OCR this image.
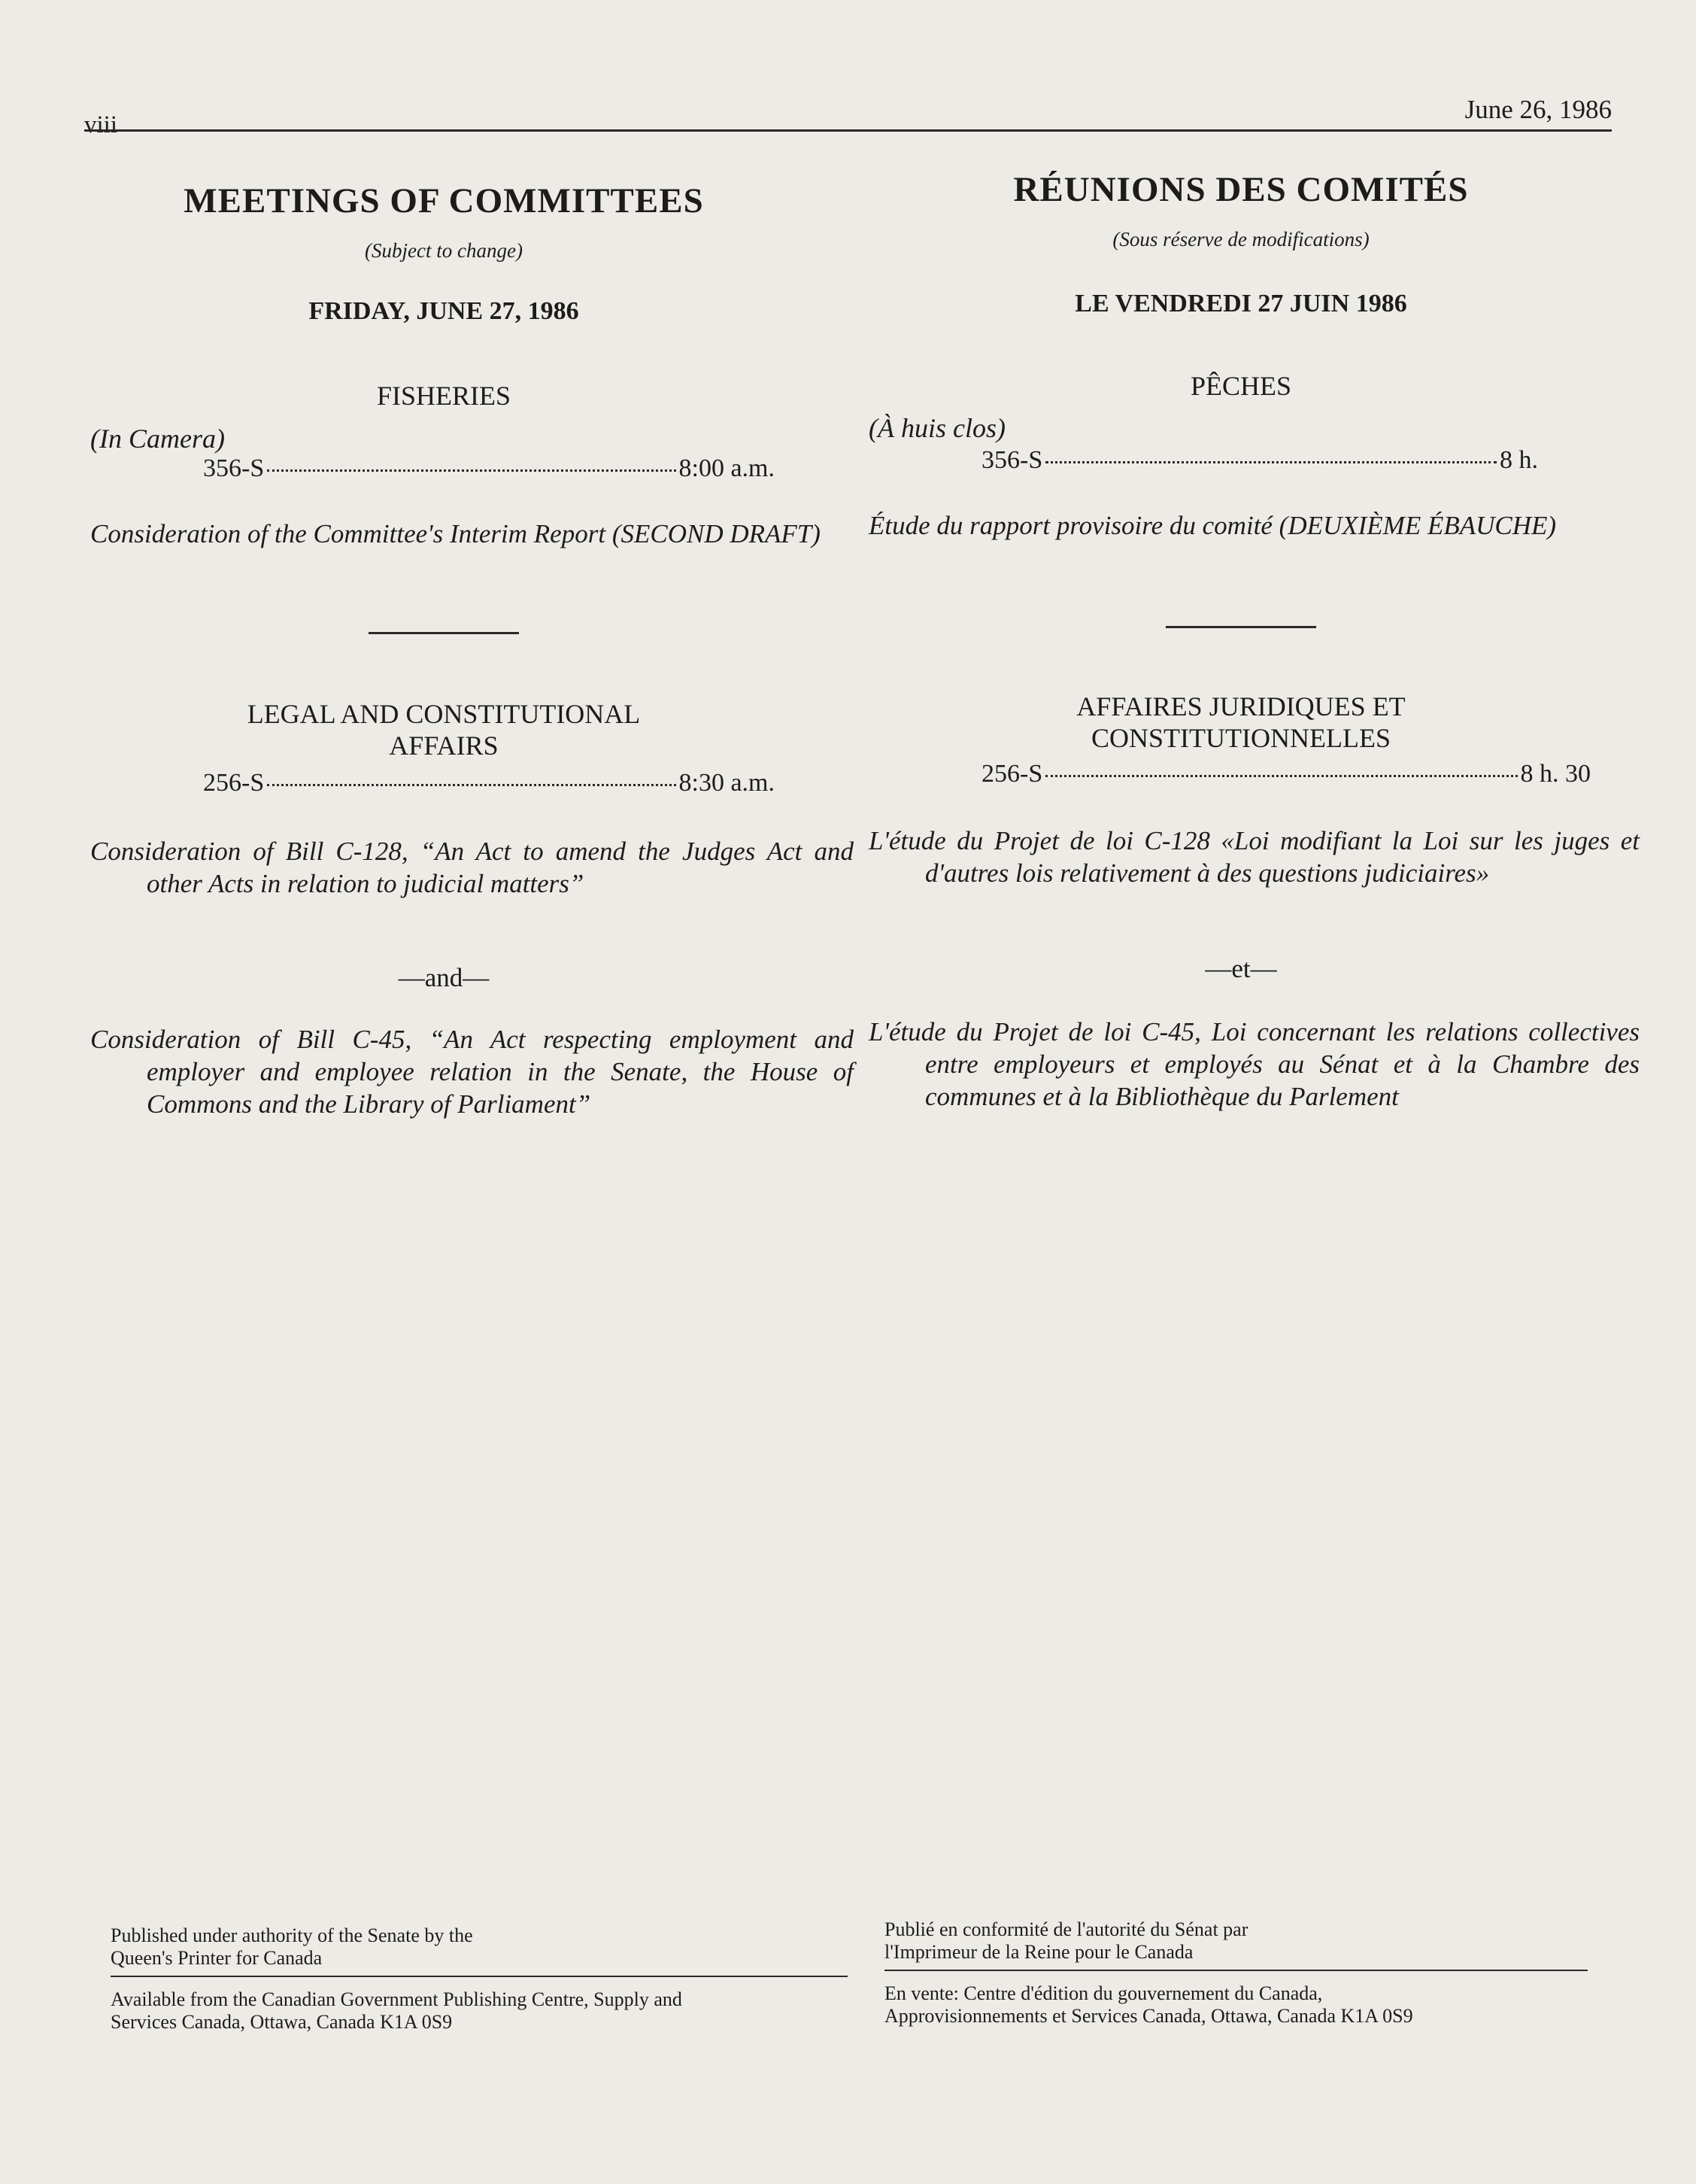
viii
June 26, 1986
MEETINGS OF COMMITTEES
(Subject to change)
FRIDAY, JUNE 27, 1986
FISHERIES
(In Camera)
356-S	8:00 a.m.
Consideration of the Committee's Interim Report (SECOND DRAFT)
LEGAL AND CONSTITUTIONAL
AFFAIRS
256-S	8:30 a.m.
Consideration of Bill C-128, “An Act to amend the Judges Act and other Acts in relation to judicial matters”
—and—
Consideration of Bill C-45, “An Act respecting employment and employer and employee relation in the Senate, the House of Commons and the Library of Parliament”
RÉUNIONS DES COMITÉS
(Sous réserve de modifications)
LE VENDREDI 27 JUIN 1986
PÊCHES
(À huis clos)
356-S	8 h.
Étude du rapport provisoire du comité (DEUXIÈME ÉBAUCHE)
AFFAIRES JURIDIQUES ET
CONSTITUTIONNELLES
256-S	8 h. 30
L'étude du Projet de loi C-128 «Loi modifiant la Loi sur les juges et d'autres lois relativement à des questions judiciaires»
—et—
L'étude du Projet de loi C-45, Loi concernant les relations collectives entre employeurs et employés au Sénat et à la Chambre des communes et à la Bibliothèque du Parlement
Published under authority of the Senate by the
Queen's Printer for Canada
Available from the Canadian Government Publishing Centre, Supply and
Services Canada, Ottawa, Canada K1A 0S9
Publié en conformité de l'autorité du Sénat par
l'Imprimeur de la Reine pour le Canada
En vente: Centre d'édition du gouvernement du Canada,
Approvisionnements et Services Canada, Ottawa, Canada K1A 0S9
